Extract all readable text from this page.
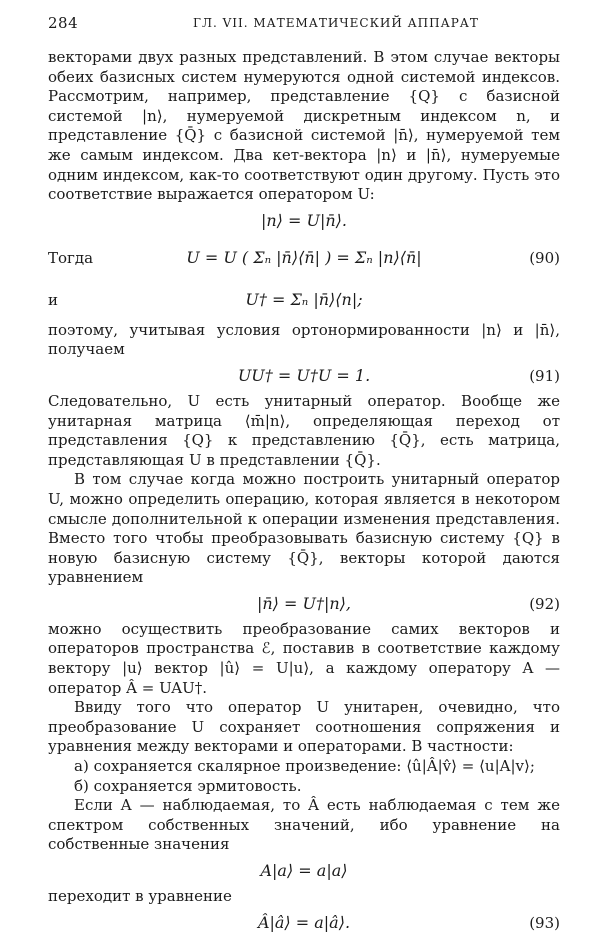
284	ГЛ. VII. МАТЕМАТИЧЕСКИЙ АППАРАТ

векторами двух разных представлений. В этом случае векторы обеих базисных систем нумеруются одной системой индексов. Рассмотрим, например, представление {Q} с базисной системой |n⟩, нумеруемой дискретным индексом n, и представление {Q̄} с базисной системой |n̄⟩, нумеруемой тем же самым индексом. Два кет-вектора |n⟩ и |n̄⟩, нумеруемые одним индексом, как-то соответствуют один другому. Пусть это соответствие выражается оператором U:

|n⟩ = U|n̄⟩.
Тогда	U = U ( Σₙ |n̄⟩⟨n̄| ) = Σₙ |n⟩⟨n̄|	(90)
и	U† = Σₙ |n̄⟩⟨n|;

поэтому, учитывая условия ортонормированности |n⟩ и |n̄⟩, получаем

UU† = U†U = 1.	(91)

Следовательно, U есть унитарный оператор. Вообще же унитарная матрица ⟨m̄|n⟩, определяющая переход от представления {Q} к представлению {Q̄}, есть матрица, представляющая U в представлении {Q̄}.

В том случае когда можно построить унитарный оператор U, можно определить операцию, которая является в некотором смысле дополнительной к операции изменения представления. Вместо того чтобы преобразовывать базисную систему {Q} в новую базисную систему {Q̄}, векторы которой даются уравнением

|n̄⟩ = U†|n⟩,	(92)

можно осуществить преобразование самих векторов и операторов пространства ℰ, поставив в соответствие каждому вектору |u⟩ вектор |û⟩ = U|u⟩, а каждому оператору A — оператор Â = UAU†.

Ввиду того что оператор U унитарен, очевидно, что преобразование U сохраняет соотношения сопряжения и уравнения между векторами и операторами. В частности:

а) сохраняется скалярное произведение: ⟨û|Â|v̂⟩ = ⟨u|A|v⟩;

б) сохраняется эрмитовость.

Если A — наблюдаемая, то Â есть наблюдаемая с тем же спектром собственных значений, ибо уравнение на собственные значения

A|a⟩ = a|a⟩

переходит в уравнение

Â|â⟩ = a|â⟩.	(93)
